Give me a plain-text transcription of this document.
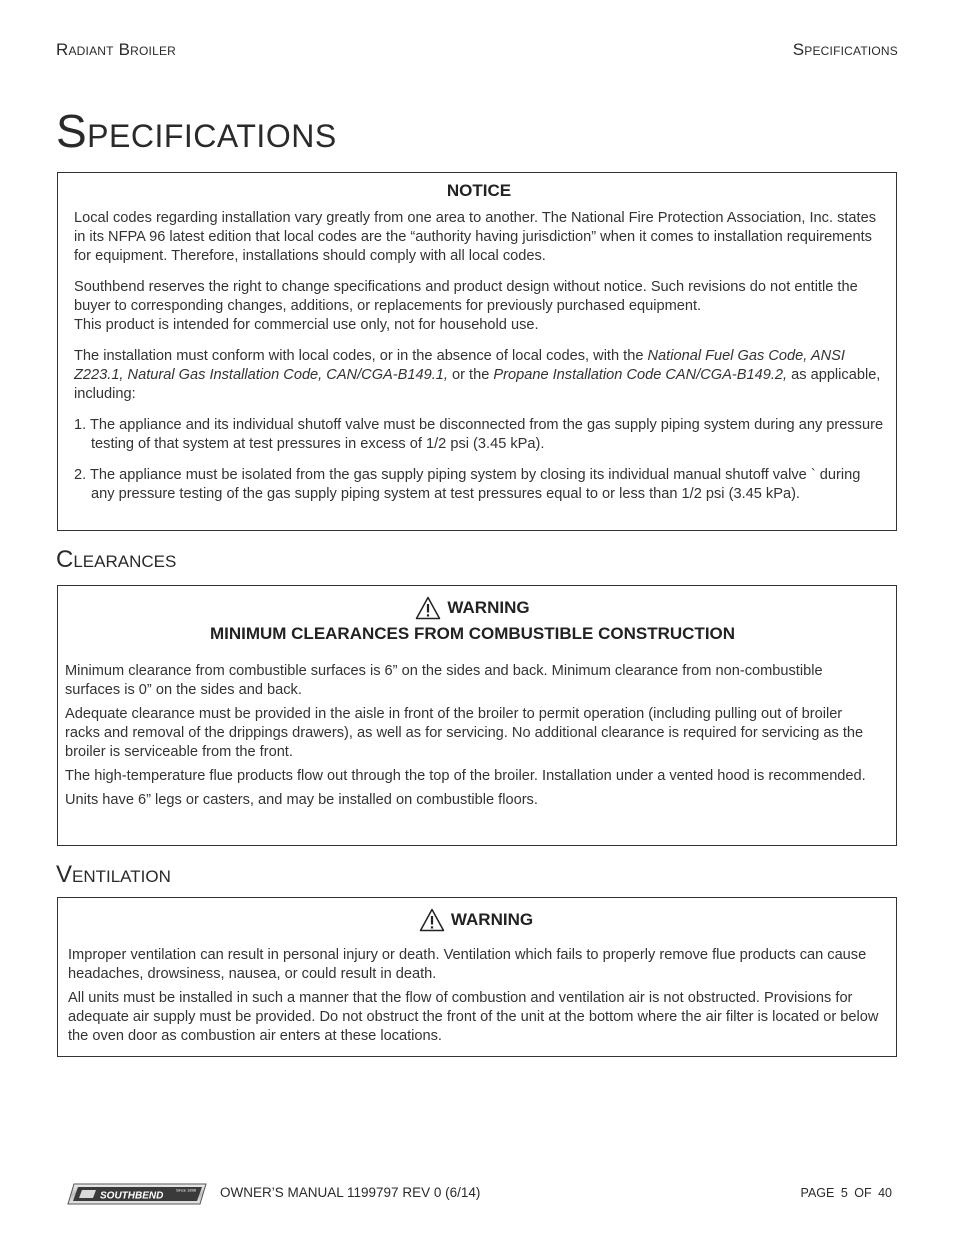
Radiant Broiler	Specifications
Specifications
NOTICE

Local codes regarding installation vary greatly from one area to another. The National Fire Protection Association, Inc. states in its NFPA 96 latest edition that local codes are the “authority having jurisdiction” when it comes to installation requirements for equipment. Therefore, installations should comply with all local codes.

Southbend reserves the right to change specifications and product design without notice. Such revisions do not entitle the buyer to corresponding changes, additions, or replacements for previously purchased equipment.

This product is intended for commercial use only, not for household use.

The installation must conform with local codes, or in the absence of local codes, with the National Fuel Gas Code, ANSI Z223.1, Natural Gas Installation Code, CAN/CGA-B149.1, or the Propane Installation Code CAN/CGA-B149.2, as applicable, including:

1. The appliance and its individual shutoff valve must be disconnected from the gas supply piping system during any pressure testing of that system at test pressures in excess of 1/2 psi (3.45 kPa).
2. The appliance must be isolated from the gas supply piping system by closing its individual manual shutoff valve ` during any pressure testing of the gas supply piping system at test pressures equal to or less than 1/2 psi (3.45 kPa).
Clearances
WARNING
MINIMUM CLEARANCES FROM COMBUSTIBLE CONSTRUCTION

Minimum clearance from combustible surfaces is 6” on the sides and back. Minimum clearance from non-combustible surfaces is 0” on the sides and back.

Adequate clearance must be provided in the aisle in front of the broiler to permit operation (including pulling out of broiler racks and removal of the drippings drawers), as well as for servicing. No additional clearance is required for servicing as the broiler is serviceable from the front.

The high-temperature flue products flow out through the top of the broiler. Installation under a vented hood is recommended.

Units have 6” legs or casters, and may be installed on combustible floors.

Ventilation
WARNING

Improper ventilation can result in personal injury or death. Ventilation which fails to properly remove flue products can cause headaches, drowsiness, nausea, or could result in death.

All units must be installed in such a manner that the flow of combustion and ventilation air is not obstructed. Provisions for adequate air supply must be provided. Do not obstruct the front of the unit at the bottom where the air filter is located or below the oven door as combustion air enters at these locations.

SOUTHBEND
Since 1898 OWNER’S MANUAL 1199797 REV 0 (6/14)	PAGE 5 OF 40
